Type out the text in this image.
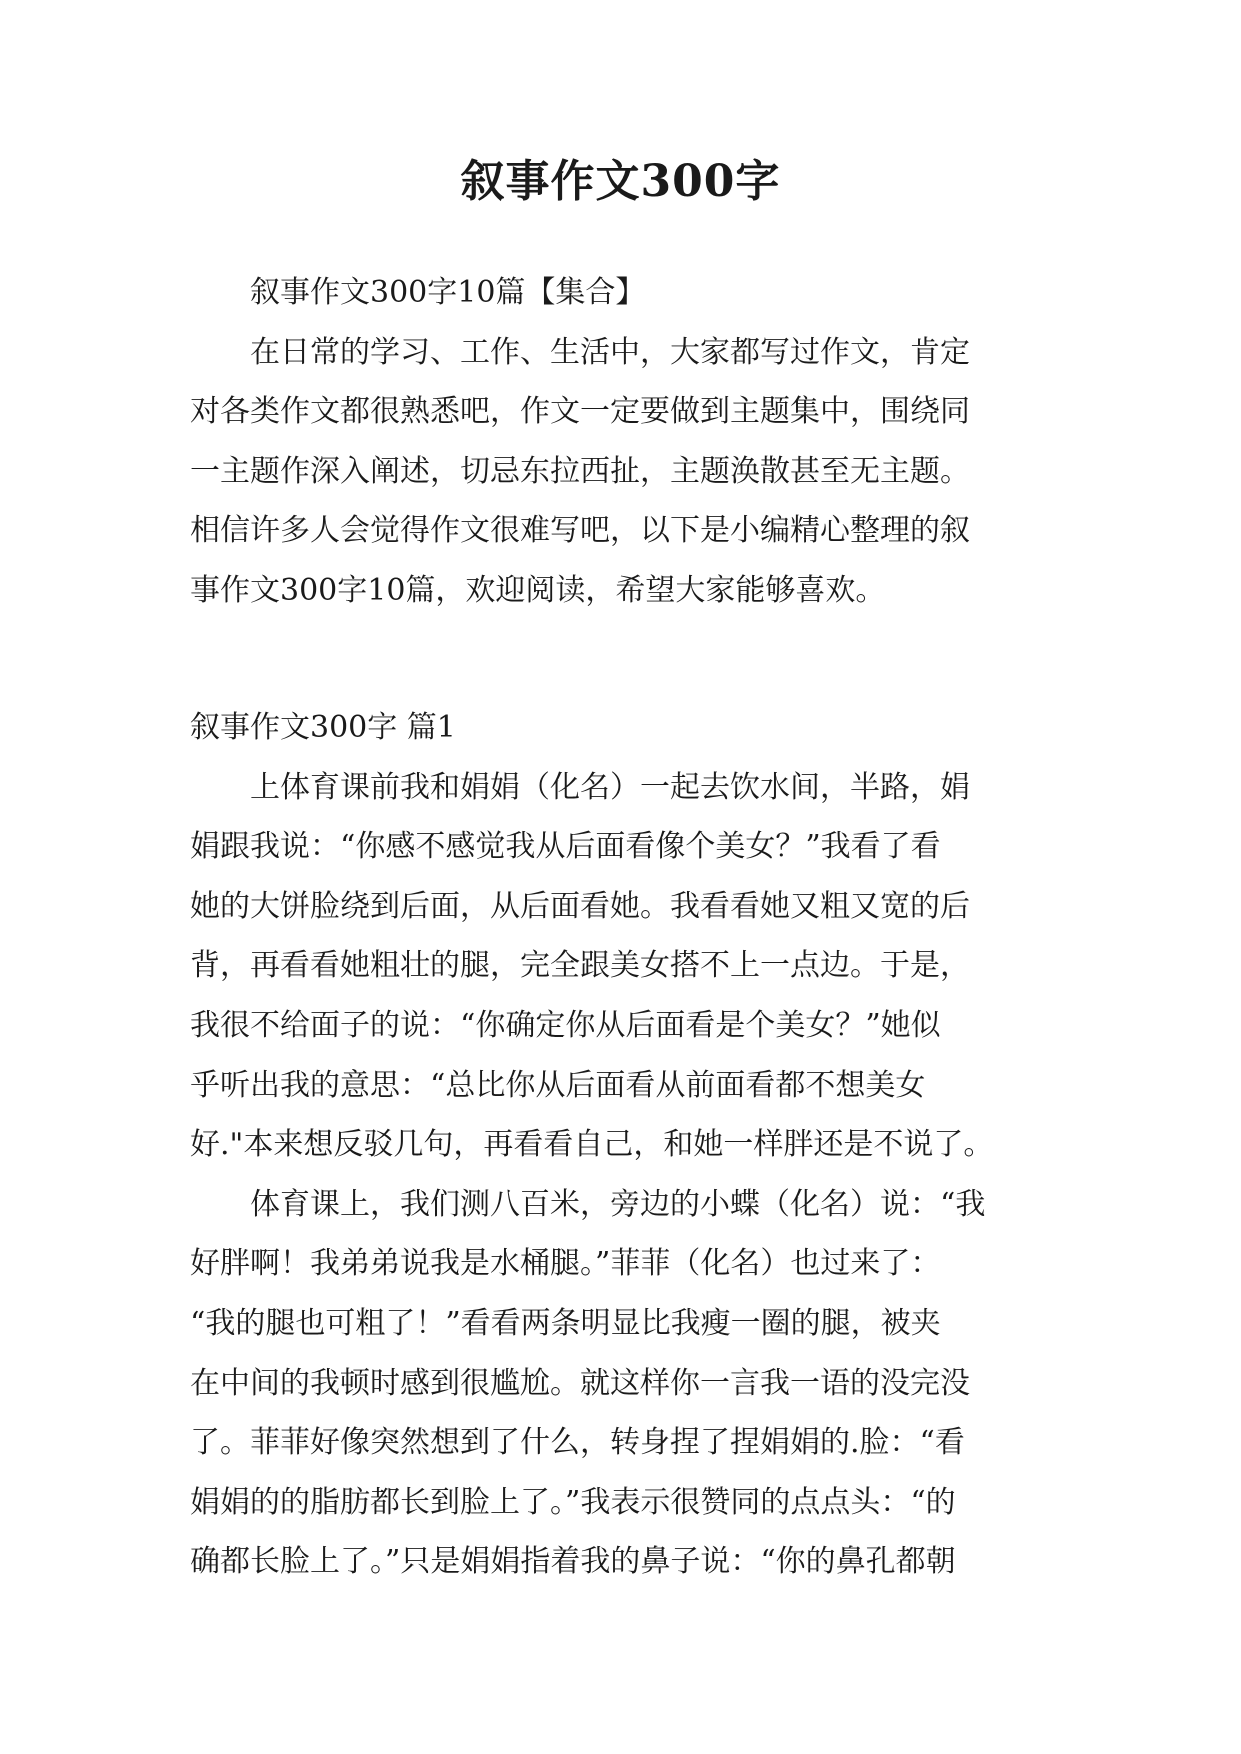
叙事作文300字

叙事作文300字10篇【集合】

在日常的学习、工作、生活中，大家都写过作文，肯定
对各类作文都很熟悉吧，作文一定要做到主题集中，围绕同
一主题作深入阐述，切忌东拉西扯，主题涣散甚至无主题。
相信许多人会觉得作文很难写吧，以下是小编精心整理的叙
事作文300字10篇，欢迎阅读，希望大家能够喜欢。

叙事作文300字 篇1

上体育课前我和娟娟（化名）一起去饮水间，半路，娟
娟跟我说：“你感不感觉我从后面看像个美女？”我看了看
她的大饼脸绕到后面，从后面看她。我看看她又粗又宽的后
背，再看看她粗壮的腿，完全跟美女搭不上一点边。于是，
我很不给面子的说：“你确定你从后面看是个美女？”她似
乎听出我的意思：“总比你从后面看从前面看都不想美女
好."本来想反驳几句，再看看自己，和她一样胖还是不说了。
体育课上，我们测八百米，旁边的小蝶（化名）说：“我
好胖啊！我弟弟说我是水桶腿。”菲菲（化名）也过来了：
“我的腿也可粗了！”看看两条明显比我瘦一圈的腿，被夹
在中间的我顿时感到很尴尬。就这样你一言我一语的没完没
了。菲菲好像突然想到了什么，转身捏了捏娟娟的.脸：“看
娟娟的的脂肪都长到脸上了。”我表示很赞同的点点头：“的
确都长脸上了。”只是娟娟指着我的鼻子说：“你的鼻孔都朝
